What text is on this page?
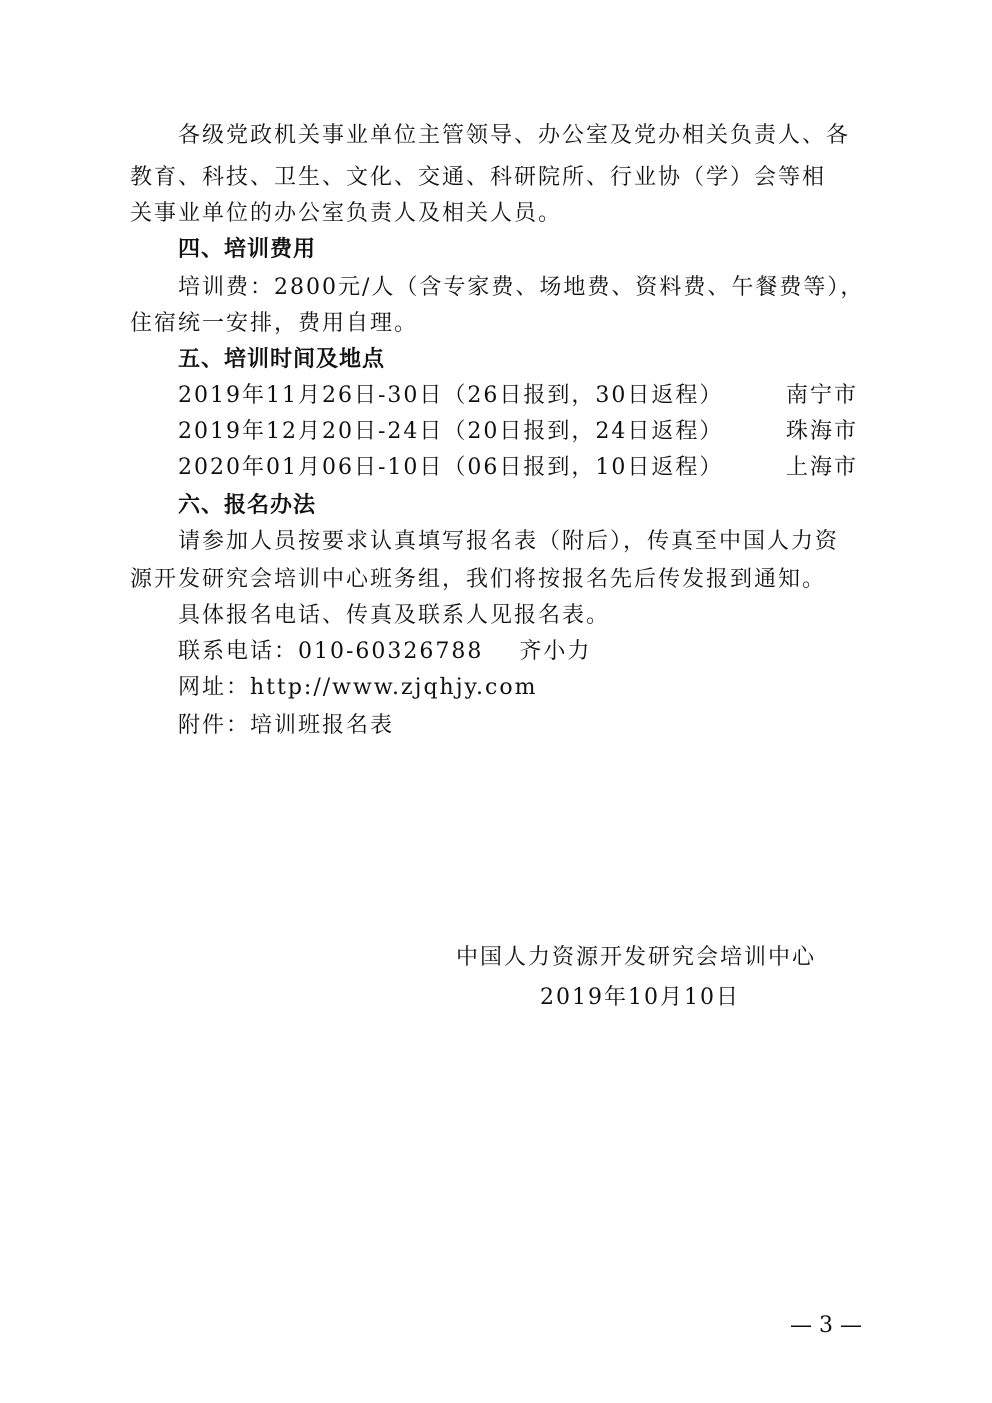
各级党政机关事业单位主管领导、办公室及党办相关负责人、各
教育、科技、卫生、文化、交通、科研院所、行业协（学）会等相
关事业单位的办公室负责人及相关人员。
四、培训费用
培训费：2800元/人（含专家费、场地费、资料费、午餐费等），
住宿统一安排，费用自理。
五、培训时间及地点
2019年11月26日-30日（26日报到，30日返程）	南宁市
2019年12月20日-24日（20日报到，24日返程）	珠海市
2020年01月06日-10日（06日报到，10日返程）	上海市
六、报名办法
请参加人员按要求认真填写报名表（附后），传真至中国人力资
源开发研究会培训中心班务组，我们将按报名先后传发报到通知。
具体报名电话、传真及联系人见报名表。
联系电话：010-60326788    齐小力
网址：http://www.zjqhjy.com
附件：培训班报名表
中国人力资源开发研究会培训中心
2019年10月10日
— 3 —
